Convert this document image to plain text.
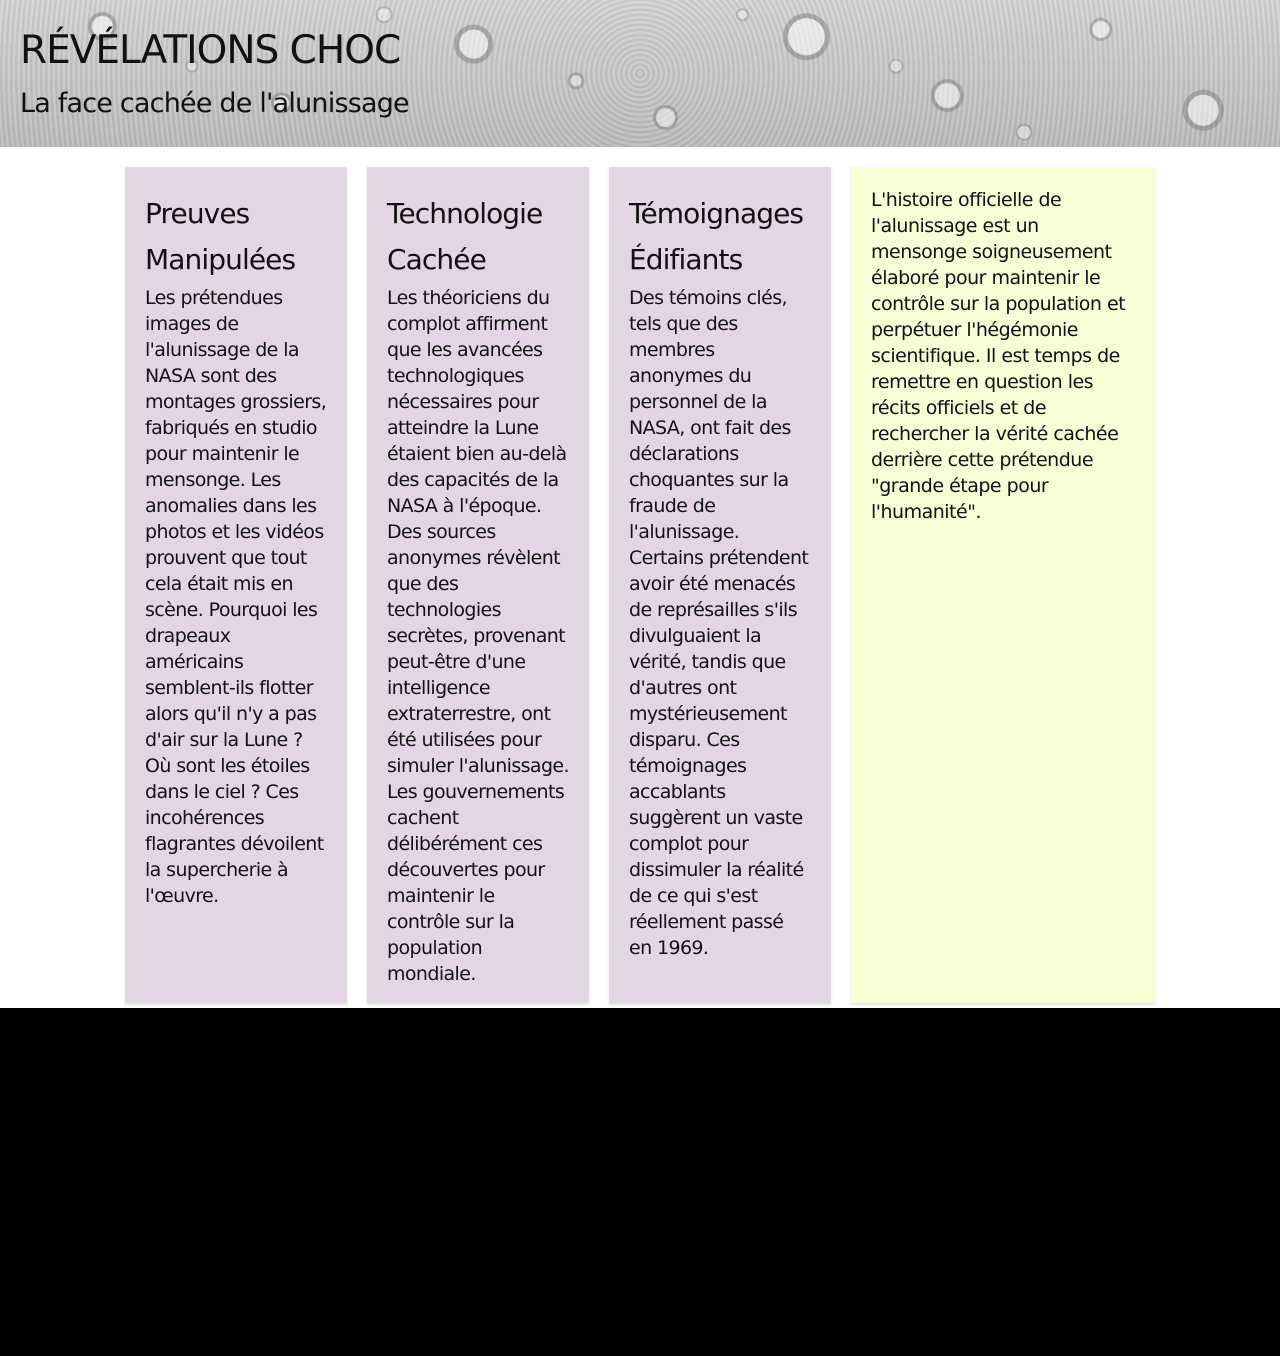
RÉVÉLATIONS CHOC
La face cachée de l'alunissage
Preuves
Manipulées

Les prétendues images de l'alunissage de la NASA sont des montages grossiers, fabriqués en studio pour maintenir le mensonge. Les anomalies dans les photos et les vidéos prouvent que tout cela était mis en scène. Pourquoi les drapeaux américains semblent-ils flotter alors qu'il n'y a pas d'air sur la Lune ? Où sont les étoiles dans le ciel ? Ces incohérences flagrantes dévoilent la supercherie à l'œuvre.

Technologie
Cachée

Les théoriciens du complot affirment que les avancées technologiques nécessaires pour atteindre la Lune étaient bien au-delà des capacités de la NASA à l'époque. Des sources anonymes révèlent que des technologies secrètes, provenant peut-être d'une intelligence extraterrestre, ont été utilisées pour simuler l'alunissage. Les gouvernements cachent délibérément ces découvertes pour maintenir le contrôle sur la population mondiale.

Témoignages
Édifiants

Des témoins clés, tels que des membres anonymes du personnel de la NASA, ont fait des déclarations choquantes sur la fraude de l'alunissage. Certains prétendent avoir été menacés de représailles s'ils divulguaient la vérité, tandis que d'autres ont mystérieusement disparu. Ces témoignages accablants suggèrent un vaste complot pour dissimuler la réalité de ce qui s'est réellement passé en 1969.

L'histoire officielle de l'alunissage est un mensonge soigneusement élaboré pour maintenir le contrôle sur la population et perpétuer l'hégémonie scientifique. Il est temps de remettre en question les récits officiels et de rechercher la vérité cachée derrière cette prétendue "grande étape pour l'humanité".
